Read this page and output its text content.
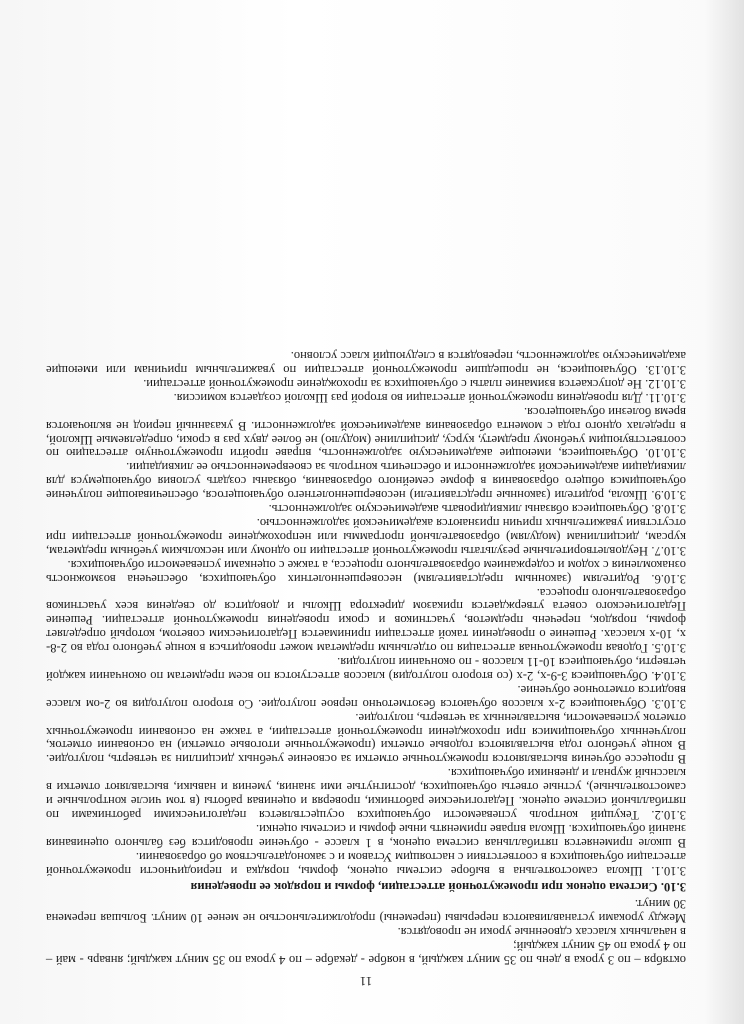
11

октября – по 3 урока в день по 35 минут каждый, в ноябре - декабре – по 4 урока по 35 минут каждый; январь - май – по 4 урока по 45 минут каждый;

в начальных классах сдвоенные уроки не проводятся.

Между уроками устанавливаются перерывы (перемены) продолжительностью не менее 10 минут. Большая перемена 30 минут.

3.10. Система оценок при промежуточной аттестации, формы и порядок ее проведения

3.10.1. Школа самостоятельна в выборе системы оценок, формы, порядка и периодичности промежуточной аттестации обучающихся в соответствии с настоящим Уставом и с законодательством об образовании.

В школе применяется пятибалльная система оценок, в 1 классе - обучение проводится без бального оценивания знаний обучающихся. Школа вправе применять иные формы и системы оценки.

3.10.2. Текущий контроль успеваемости обучающихся осуществляется педагогическими работниками по пятибалльной системе оценок. Педагогические работники, проверяя и оценивая работы (в том числе контрольные и самостоятельные), устные ответы обучающихся, достигнутые ими знания, умения и навыки, выставляют отметки в классный журнал и дневники обучающихся.

В процессе обучения выставляются промежуточные отметки за освоение учебных дисциплин за четверть, полугодие. В конце учебного года выставляются годовые отметки (промежуточные итоговые отметки) на основании отметок, полученных обучающимися при прохождении промежуточной аттестации, а также на основании промежуточных отметок успеваемости, выставленных за четверть, полугодие.

3.10.3. Обучающиеся 2-х классов обучаются безотметочно первое полугодие. Со второго полугодия во 2-ом классе вводится отметочное обучение.

3.10.4. Обучающиеся 3-9-х, 2-х (со второго полугодия) классов аттестуются по всем предметам по окончании каждой четверти, обучающиеся 10-11 классов - по окончании полугодия.

3.10.5. Годовая промежуточная аттестация по отдельным предметам может проводиться в конце учебного года во 2-8-х, 10-х классах. Решение о проведении такой аттестации принимается Педагогическим советом, который определяет формы, порядок, перечень предметов, участников и сроки проведения промежуточной аттестации. Решение Педагогического совета утверждается приказом директора Школы и доводится до сведения всех участников образовательного процесса.

3.10.6. Родителям (законным представителям) несовершеннолетних обучающихся, обеспечена возможность ознакомления с ходом и содержанием образовательного процесса, а также с оценками успеваемости обучающихся.

3.10.7. Неудовлетворительные результаты промежуточной аттестации по одному или нескольким учебным предметам, курсам, дисциплинам (модулям) образовательной программы или непрохождение промежуточной аттестации при отсутствии уважительных причин признаются академической задолженностью.

3.10.8. Обучающиеся обязаны ликвидировать академическую задолженность.

3.10.9. Школа, родители (законные представители) несовершеннолетнего обучающегося, обеспечивающие получение обучающимся общего образования в форме семейного образования, обязаны создать условия обучающемуся для ликвидации академической задолженности и обеспечить контроль за своевременностью ее ликвидации.

3.10.10. Обучающиеся, имеющие академическую задолженность, вправе пройти промежуточную аттестацию по соответствующим учебному предмету, курсу, дисциплине (модулю) не более двух раз в сроки, определяемые Школой, в пределах одного года с момента образования академической задолженности. В указанный период не включаются время болезни обучающегося.

3.10.11. Для проведения промежуточной аттестации во второй раз Школой создается комиссия.

3.10.12. Не допускается взимание платы с обучающихся за прохождение промежуточной аттестации.

3.10.13. Обучающиеся, не прошедшие промежуточной аттестации по уважительным причинам или имеющие академическую задолженность, переводятся в следующий класс условно.
